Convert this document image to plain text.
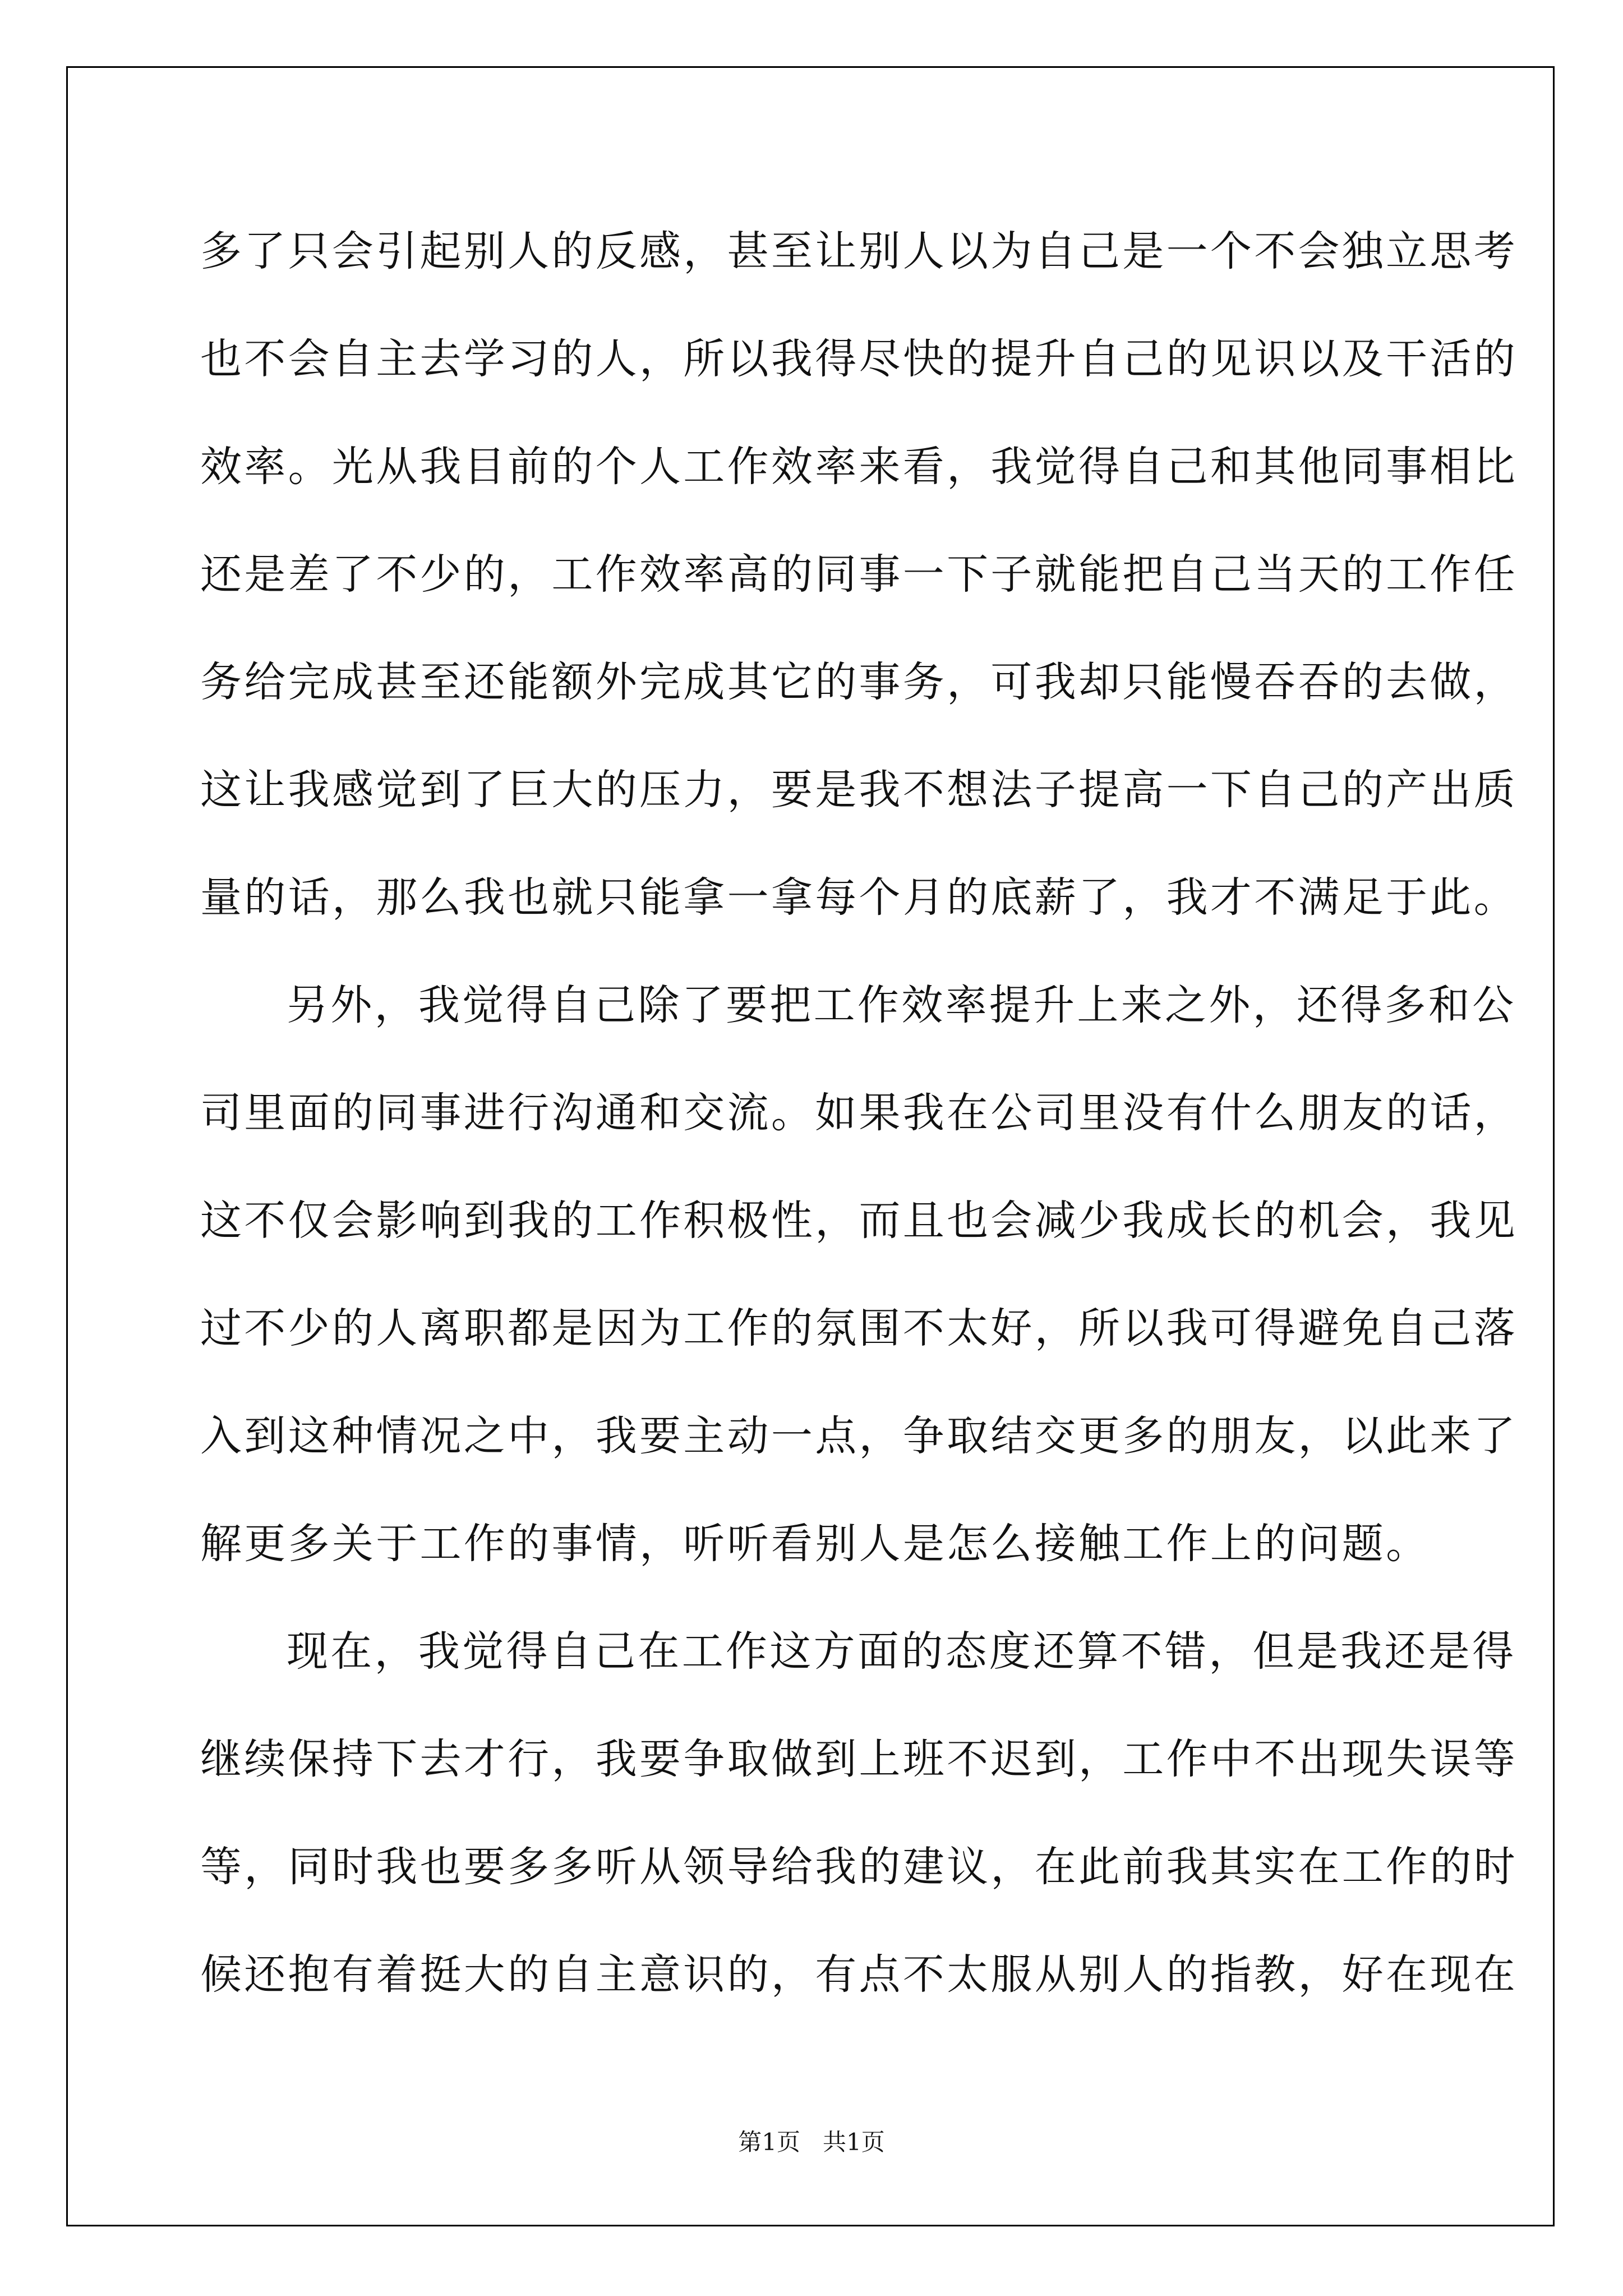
多了只会引起别人的反感，甚至让别人以为自己是一个不会独立思考
也不会自主去学习的人，所以我得尽快的提升自己的见识以及干活的
效率。光从我目前的个人工作效率来看，我觉得自己和其他同事相比
还是差了不少的，工作效率高的同事一下子就能把自己当天的工作任
务给完成甚至还能额外完成其它的事务，可我却只能慢吞吞的去做，
这让我感觉到了巨大的压力，要是我不想法子提高一下自己的产出质
量的话，那么我也就只能拿一拿每个月的底薪了，我才不满足于此。
另外，我觉得自己除了要把工作效率提升上来之外，还得多和公
司里面的同事进行沟通和交流。如果我在公司里没有什么朋友的话，
这不仅会影响到我的工作积极性，而且也会减少我成长的机会，我见
过不少的人离职都是因为工作的氛围不太好，所以我可得避免自己落
入到这种情况之中，我要主动一点，争取结交更多的朋友，以此来了
解更多关于工作的事情，听听看别人是怎么接触工作上的问题。
现在，我觉得自己在工作这方面的态度还算不错，但是我还是得
继续保持下去才行，我要争取做到上班不迟到，工作中不出现失误等
等，同时我也要多多听从领导给我的建议，在此前我其实在工作的时
候还抱有着挺大的自主意识的，有点不太服从别人的指教，好在现在
第1页   共1页
